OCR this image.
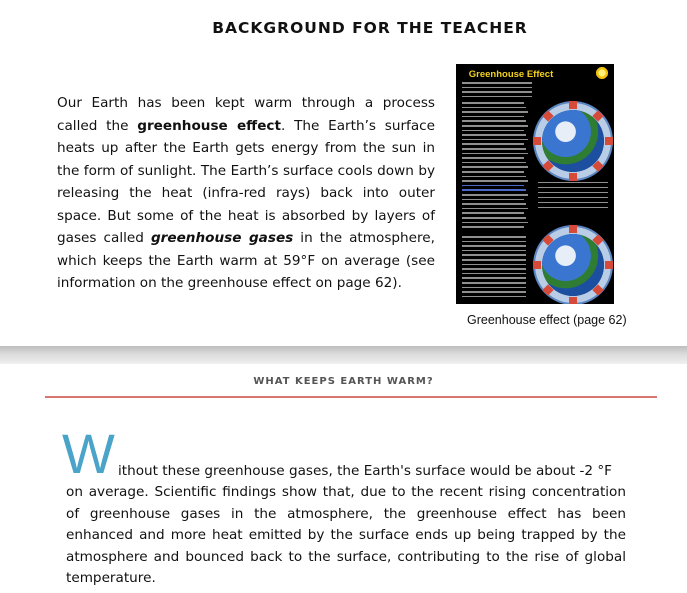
BACKGROUND FOR THE TEACHER
Our Earth has been kept warm through a process called the greenhouse effect. The Earth’s surface heats up after the Earth gets energy from the sun in the form of sunlight. The Earth’s surface cools down by releasing the heat (infra-red rays) back into outer space. But some of the heat is absorbed by layers of gases called greenhouse gases in the atmosphere, which keeps the Earth warm at 59°F on average (see information on the greenhouse effect on page 62).
Greenhouse Effect
Greenhouse effect (page 62)
WHAT KEEPS EARTH WARM?
W ithout these greenhouse gases, the Earth's surface would be about -2 °F
on average. Scientific findings show that, due to the recent rising concentration of greenhouse gases in the atmosphere, the greenhouse effect has been enhanced and more heat emitted by the surface ends up being trapped by the atmosphere and bounced back to the surface, contributing to the rise of global temperature.
